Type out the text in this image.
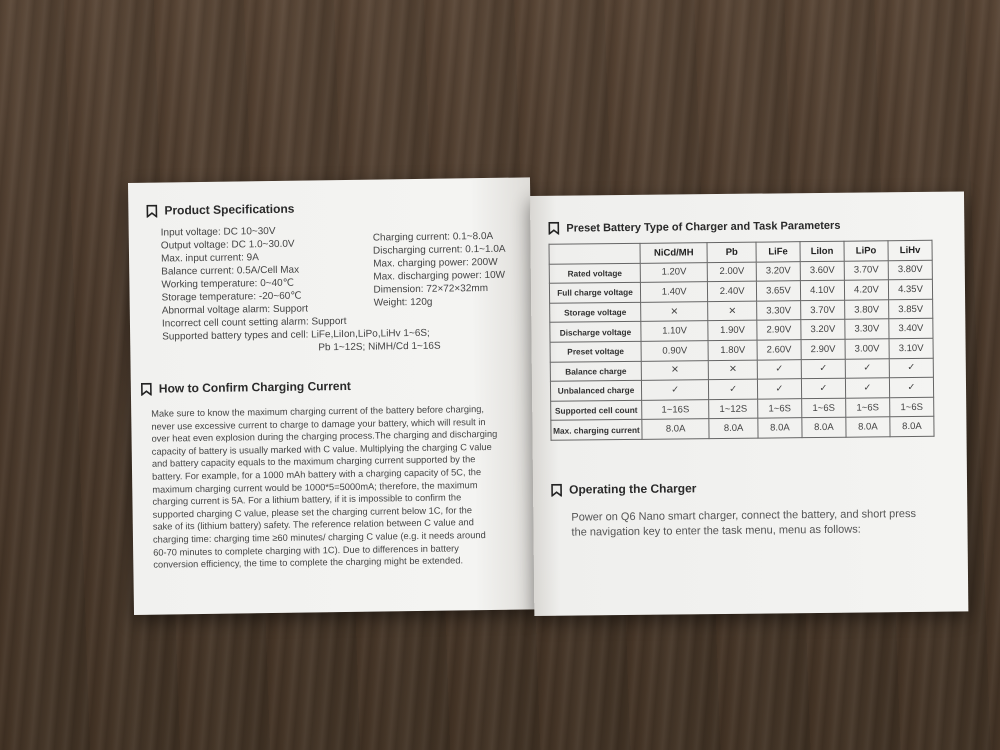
Product Specifications
Input voltage: DC 10~30V
Output voltage: DC 1.0~30.0V
Max. input current: 9A
Balance current: 0.5A/Cell Max
Working temperature: 0~40℃
Storage temperature: -20~60℃
Abnormal voltage alarm: Support
Incorrect cell count setting alarm: Support
Supported battery types and cell: LiFe,LiIon,LiPo,LiHv 1~6S;
Pb 1~12S; NiMH/Cd 1~16S
Charging current: 0.1~8.0A
Discharging current: 0.1~1.0A
Max. charging power: 200W
Max. discharging power: 10W
Dimension: 72×72×32mm
Weight: 120g
How to Confirm Charging Current
Make sure to know the maximum charging current of the battery before charging,
never use excessive current to charge to damage your battery, which will result in
over heat even explosion during the charging process.The charging and discharging
capacity of battery is usually marked with C value. Multiplying the charging C value
and battery capacity equals to the maximum charging current supported by the
battery. For example, for a 1000 mAh battery with a charging capacity of 5C, the
maximum charging current would be 1000*5=5000mA; therefore, the maximum
charging current is 5A. For a lithium battery, if it is impossible to confirm the
supported charging C value, please set the charging current below 1C, for the
sake of its (lithium battery) safety. The reference relation between C value and
charging time: charging time ≥60 minutes/ charging C value (e.g. it needs around
60-70 minutes to complete charging with 1C). Due to differences in battery
conversion efficiency, the time to complete the charging might be extended.
Preset Battery Type of Charger and Task Parameters
	NiCd/MH	Pb	LiFe	LiIon	LiPo	LiHv
Rated voltage	1.20V	2.00V	3.20V	3.60V	3.70V	3.80V
Full charge voltage	1.40V	2.40V	3.65V	4.10V	4.20V	4.35V
Storage voltage	✕	✕	3.30V	3.70V	3.80V	3.85V
Discharge voltage	1.10V	1.90V	2.90V	3.20V	3.30V	3.40V
Preset voltage	0.90V	1.80V	2.60V	2.90V	3.00V	3.10V
Balance charge	✕	✕	✓	✓	✓	✓
Unbalanced charge	✓	✓	✓	✓	✓	✓
Supported cell count	1~16S	1~12S	1~6S	1~6S	1~6S	1~6S
Max. charging current	8.0A	8.0A	8.0A	8.0A	8.0A	8.0A
Operating the Charger
Power on Q6 Nano smart charger, connect the battery, and short press
the navigation key to enter the task menu, menu as follows:
